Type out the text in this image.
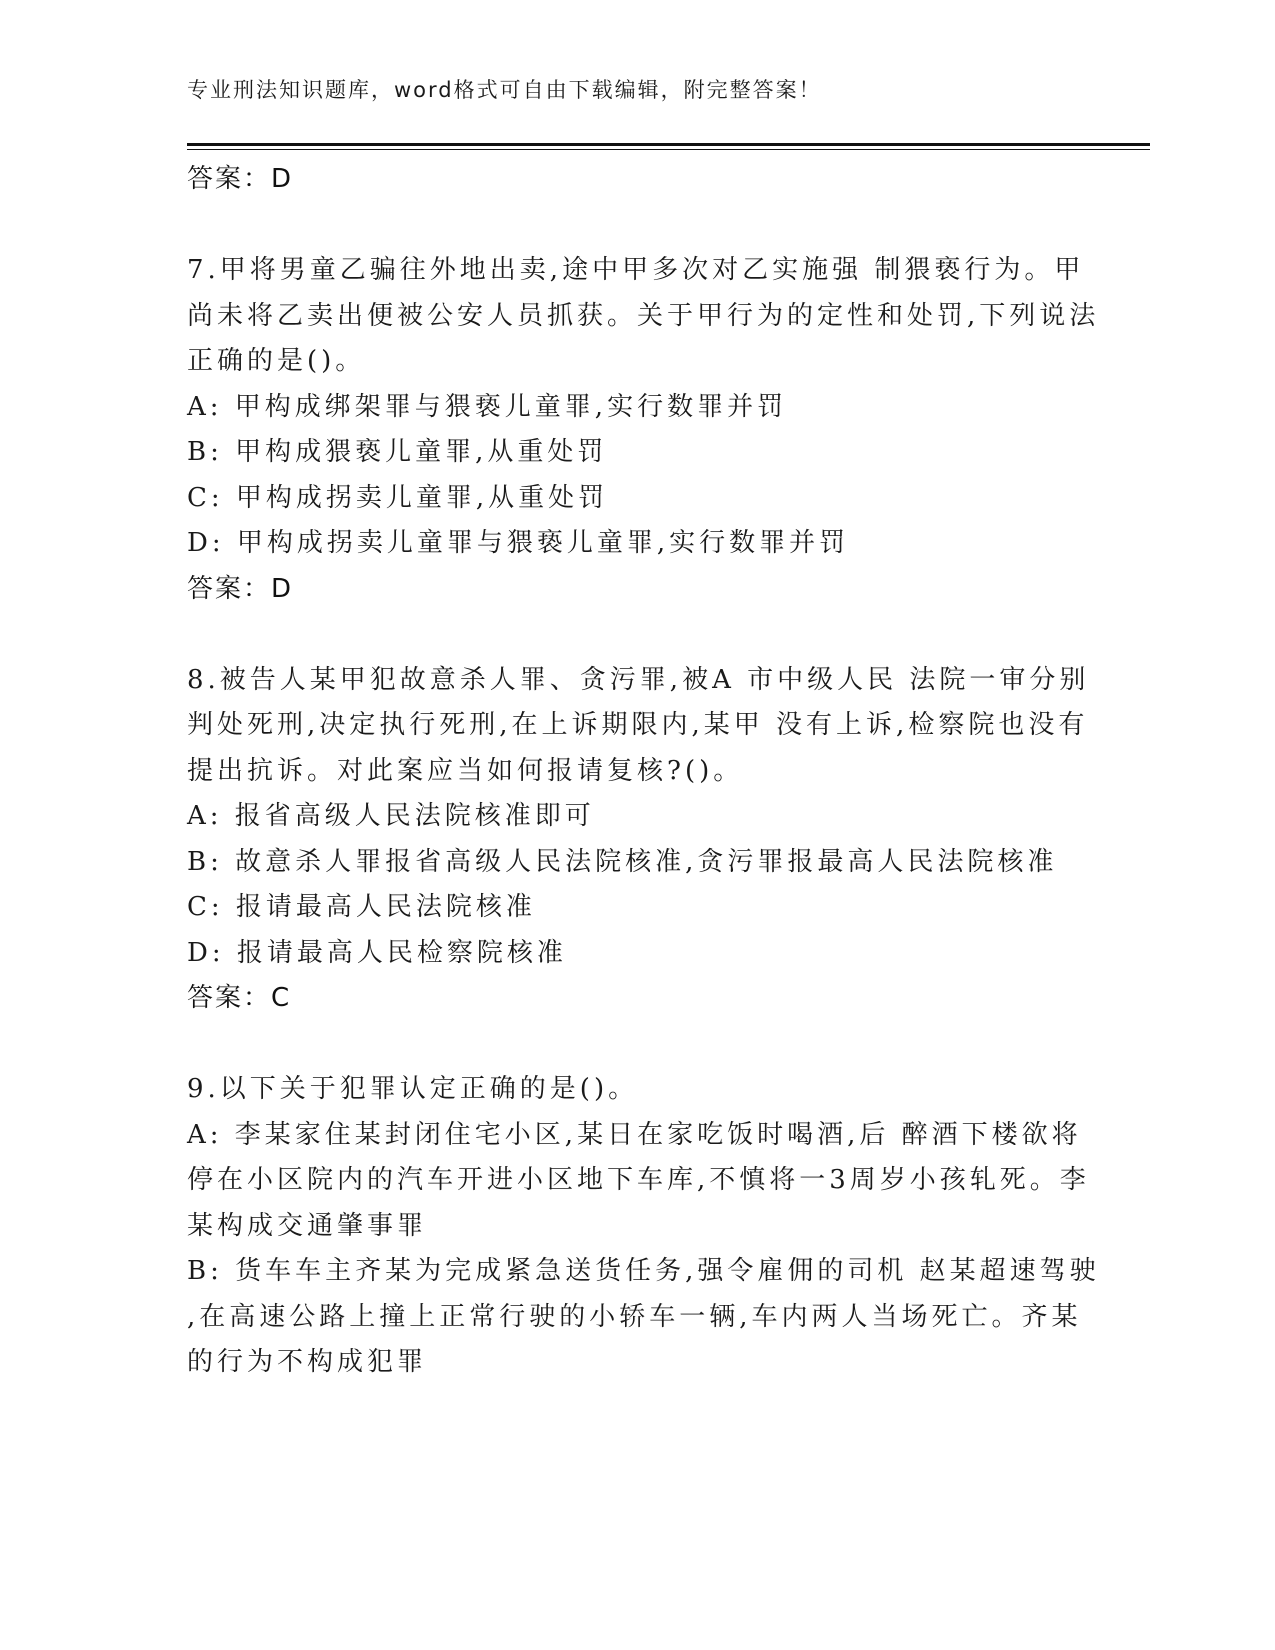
专业刑法知识题库，word格式可自由下载编辑，附完整答案！
答案：D
7.甲将男童乙骗往外地出卖,途中甲多次对乙实施强 制猥亵行为。甲
尚未将乙卖出便被公安人员抓获。关于甲行为的定性和处罚,下列说法
正确的是()。
A: 甲构成绑架罪与猥亵儿童罪,实行数罪并罚
B: 甲构成猥亵儿童罪,从重处罚
C: 甲构成拐卖儿童罪,从重处罚
D: 甲构成拐卖儿童罪与猥亵儿童罪,实行数罪并罚
答案：D
8.被告人某甲犯故意杀人罪、贪污罪,被A 市中级人民 法院一审分别
判处死刑,决定执行死刑,在上诉期限内,某甲 没有上诉,检察院也没有
提出抗诉。对此案应当如何报请复核?()。
A: 报省高级人民法院核准即可
B: 故意杀人罪报省高级人民法院核准,贪污罪报最高人民法院核准
C: 报请最高人民法院核准
D: 报请最高人民检察院核准
答案：C
9.以下关于犯罪认定正确的是()。
A: 李某家住某封闭住宅小区,某日在家吃饭时喝酒,后 醉酒下楼欲将
停在小区院内的汽车开进小区地下车库,不慎将一3周岁小孩轧死。李
某构成交通肇事罪
B: 货车车主齐某为完成紧急送货任务,强令雇佣的司机 赵某超速驾驶
,在高速公路上撞上正常行驶的小轿车一辆,车内两人当场死亡。齐某
的行为不构成犯罪
